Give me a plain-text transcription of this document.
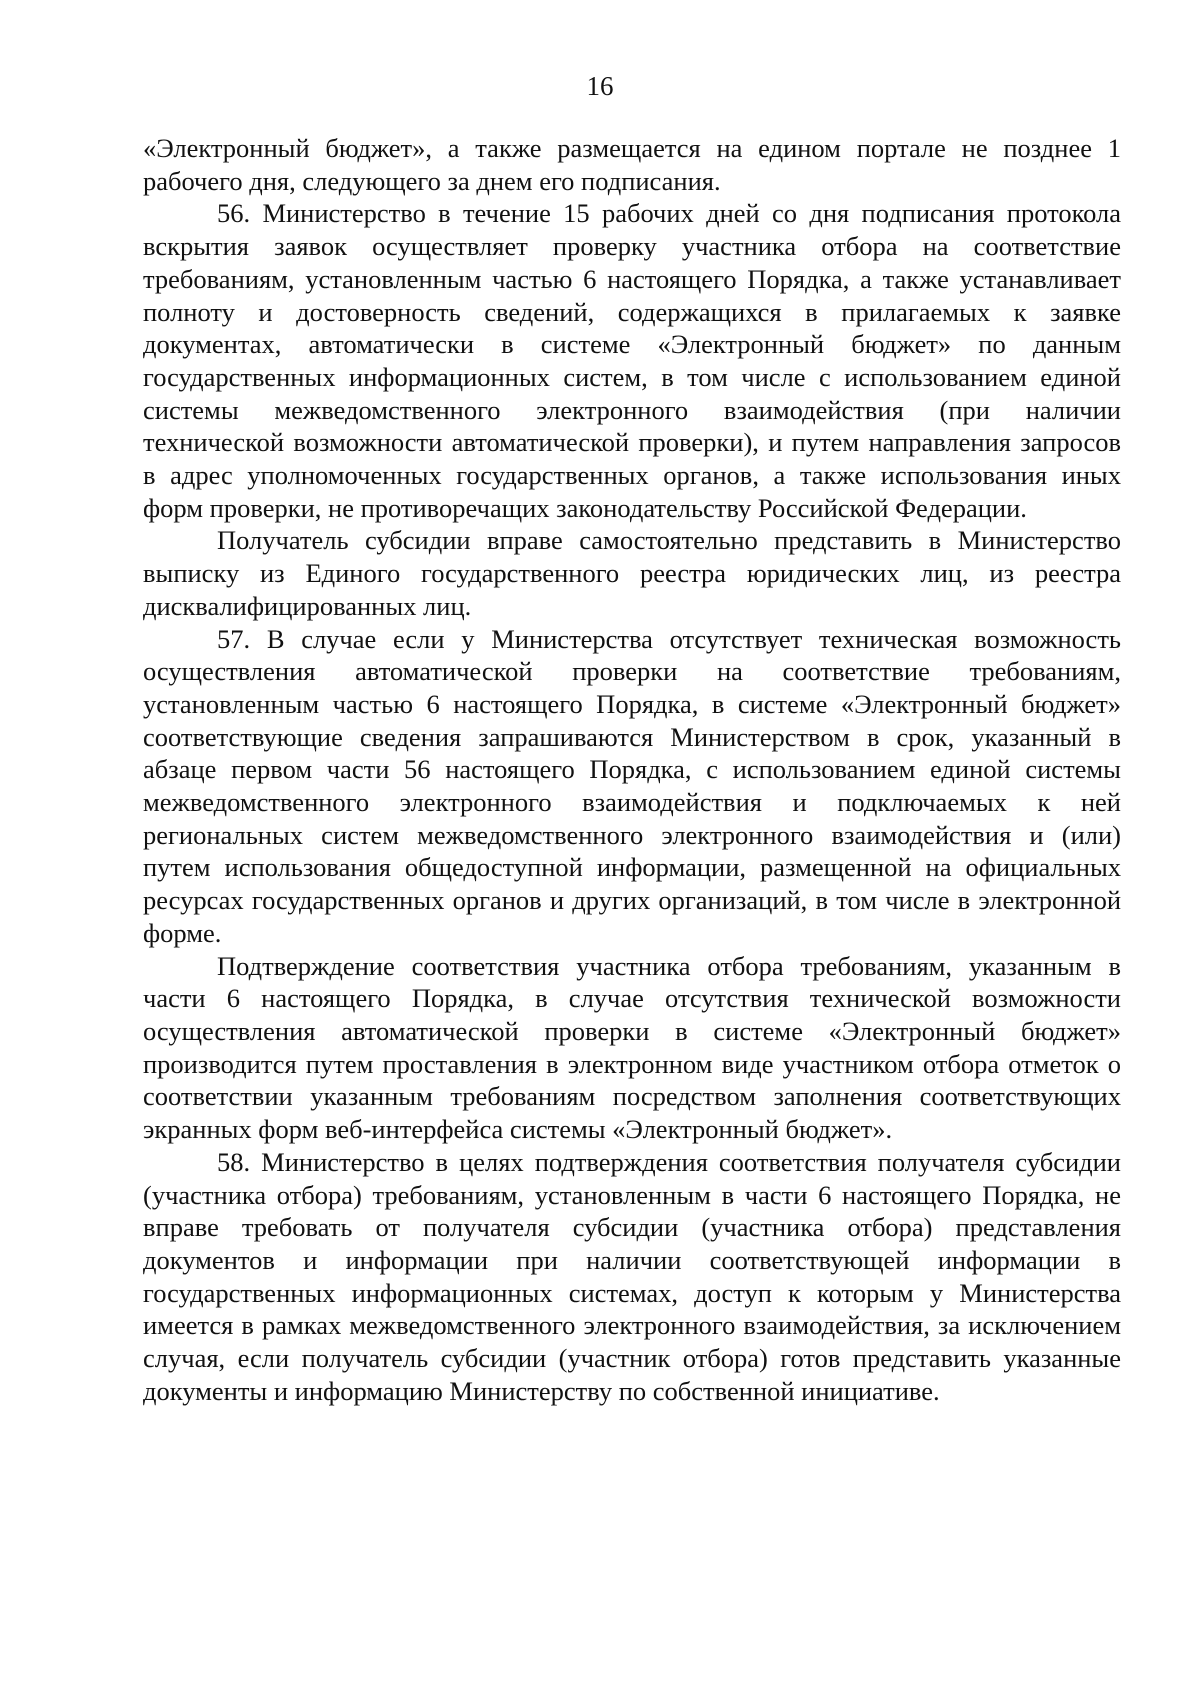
16

«Электронный бюджет», а также размещается на едином портале не позднее 1 рабочего дня, следующего за днем его подписания.

56. Министерство в течение 15 рабочих дней со дня подписания протокола вскрытия заявок осуществляет проверку участника отбора на соответствие требованиям, установленным частью 6 настоящего Порядка, а также устанавливает полноту и достоверность сведений, содержащихся в прилагаемых к заявке документах, автоматически в системе «Электронный бюджет» по данным государственных информационных систем, в том числе с использованием единой системы межведомственного электронного взаимодействия (при наличии технической возможности автоматической проверки), и путем направления запросов в адрес уполномоченных государственных органов, а также использования иных форм проверки, не противоречащих законодательству Российской Федерации.

Получатель субсидии вправе самостоятельно представить в Министерство выписку из Единого государственного реестра юридических лиц, из реестра дисквалифицированных лиц.

57. В случае если у Министерства отсутствует техническая возможность осуществления автоматической проверки на соответствие требованиям, установленным частью 6 настоящего Порядка, в системе «Электронный бюджет» соответствующие сведения запрашиваются Министерством в срок, указанный в абзаце первом части 56 настоящего Порядка, с использованием единой системы межведомственного электронного взаимодействия и подключаемых к ней региональных систем межведомственного электронного взаимодействия и (или) путем использования общедоступной информации, размещенной на официальных ресурсах государственных органов и других организаций, в том числе в электронной форме.

Подтверждение соответствия участника отбора требованиям, указанным в части 6 настоящего Порядка, в случае отсутствия технической возможности осуществления автоматической проверки в системе «Электронный бюджет» производится путем проставления в электронном виде участником отбора отметок о соответствии указанным требованиям посредством заполнения соответствующих экранных форм веб-интерфейса системы «Электронный бюджет».

58. Министерство в целях подтверждения соответствия получателя субсидии (участника отбора) требованиям, установленным в части 6 настоящего Порядка, не вправе требовать от получателя субсидии (участника отбора) представления документов и информации при наличии соответствующей информации в государственных информационных системах, доступ к которым у Министерства имеется в рамках межведомственного электронного взаимодействия, за исключением случая, если получатель субсидии (участник отбора) готов представить указанные документы и информацию Министерству по собственной инициативе.
